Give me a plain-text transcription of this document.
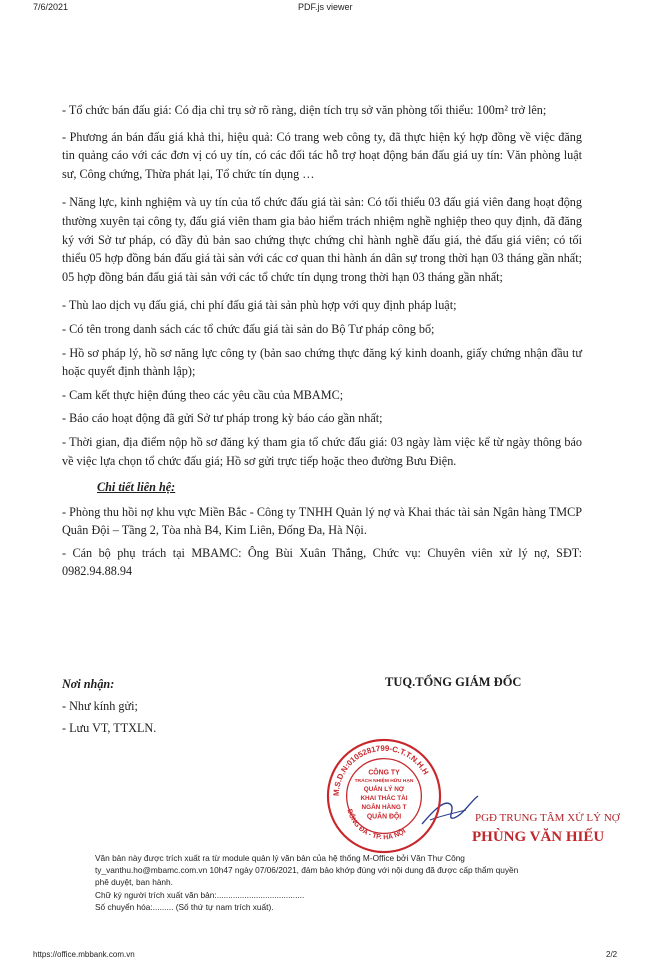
7/6/2021	PDF.js viewer

- Tổ chức bán đấu giá: Có địa chỉ trụ sở rõ ràng, diện tích trụ sở văn phòng tối thiểu: 100m² trở lên;

- Phương án bán đấu giá khả thi, hiệu quả: Có trang web công ty, đã thực hiện ký hợp đồng về việc đăng tin quảng cáo với các đơn vị có uy tín, có các đối tác hỗ trợ hoạt động bán đấu giá uy tín: Văn phòng luật sư, Công chứng, Thừa phát lại, Tổ chức tín dụng …

- Năng lực, kinh nghiệm và uy tín của tổ chức đấu giá tài sản: Có tối thiểu 03 đấu giá viên đang hoạt động thường xuyên tại công ty, đấu giá viên tham gia bảo hiểm trách nhiệm nghề nghiệp theo quy định, đã đăng ký với Sở tư pháp, có đầy đủ bản sao chứng thực chứng chỉ hành nghề đấu giá, thẻ đấu giá viên; có tối thiểu 05 hợp đồng bán đấu giá tài sản với các cơ quan thi hành án dân sự trong thời hạn 03 tháng gần nhất; 05 hợp đồng bán đấu giá tài sản với các tổ chức tín dụng trong thời hạn 03 tháng gần nhất;

- Thù lao dịch vụ đấu giá, chi phí đấu giá tài sản phù hợp với quy định pháp luật;

- Có tên trong danh sách các tổ chức đấu giá tài sản do Bộ Tư pháp công bố;

- Hồ sơ pháp lý, hồ sơ năng lực công ty (bản sao chứng thực đăng ký kinh doanh, giấy chứng nhận đầu tư hoặc quyết định thành lập);

- Cam kết thực hiện đúng theo các yêu cầu của MBAMC;

- Báo cáo hoạt động đã gửi Sở tư pháp trong kỳ báo cáo gần nhất;

- Thời gian, địa điểm nộp hồ sơ đăng ký tham gia tổ chức đấu giá: 03 ngày làm việc kể từ ngày thông báo về việc lựa chọn tổ chức đấu giá; Hồ sơ gửi trực tiếp hoặc theo đường Bưu Điện.

Chi tiết liên hệ:

- Phòng thu hồi nợ khu vực Miền Bắc - Công ty TNHH Quản lý nợ và Khai thác tài sản Ngân hàng TMCP Quân Đội – Tầng 2, Tòa nhà B4, Kim Liên, Đống Đa, Hà Nội.

- Cán bộ phụ trách tại MBAMC: Ông Bùi Xuân Thắng, Chức vụ: Chuyên viên xử lý nợ, SĐT: 0982.94.88.94

Nơi nhận:
- Như kính gửi;
- Lưu VT, TTXLN.
TUQ.TỔNG GIÁM ĐỐC
M.S.D.N:0105281799-C.T.T.N.H.H
ĐỐNG ĐA - TP. HÀ NỘI
CÔNG TY
TRÁCH NHIỆM HỮU HẠN
QUẢN LÝ NỢ
KHAI THÁC TÀI
NGÂN HÀNG T
QUÂN ĐỘI	PGĐ TRUNG TÂM XỬ LÝ NỢ
PHÙNG VĂN HIẾU
Văn bản này được trích xuất ra từ module quản lý văn bản của hệ thống M-Office bởi Văn Thư Công
ty_vanthu.ho@mbamc.com.vn 10h47 ngày 07/06/2021, đảm bảo khớp đúng với nội dung đã được cấp thẩm quyền
phê duyệt, ban hành.
Chữ ký người trích xuất văn bản:......................................
Số chuyển hóa:......... (Số thứ tự nam trích xuất).
https://office.mbbank.com.vn	2/2
